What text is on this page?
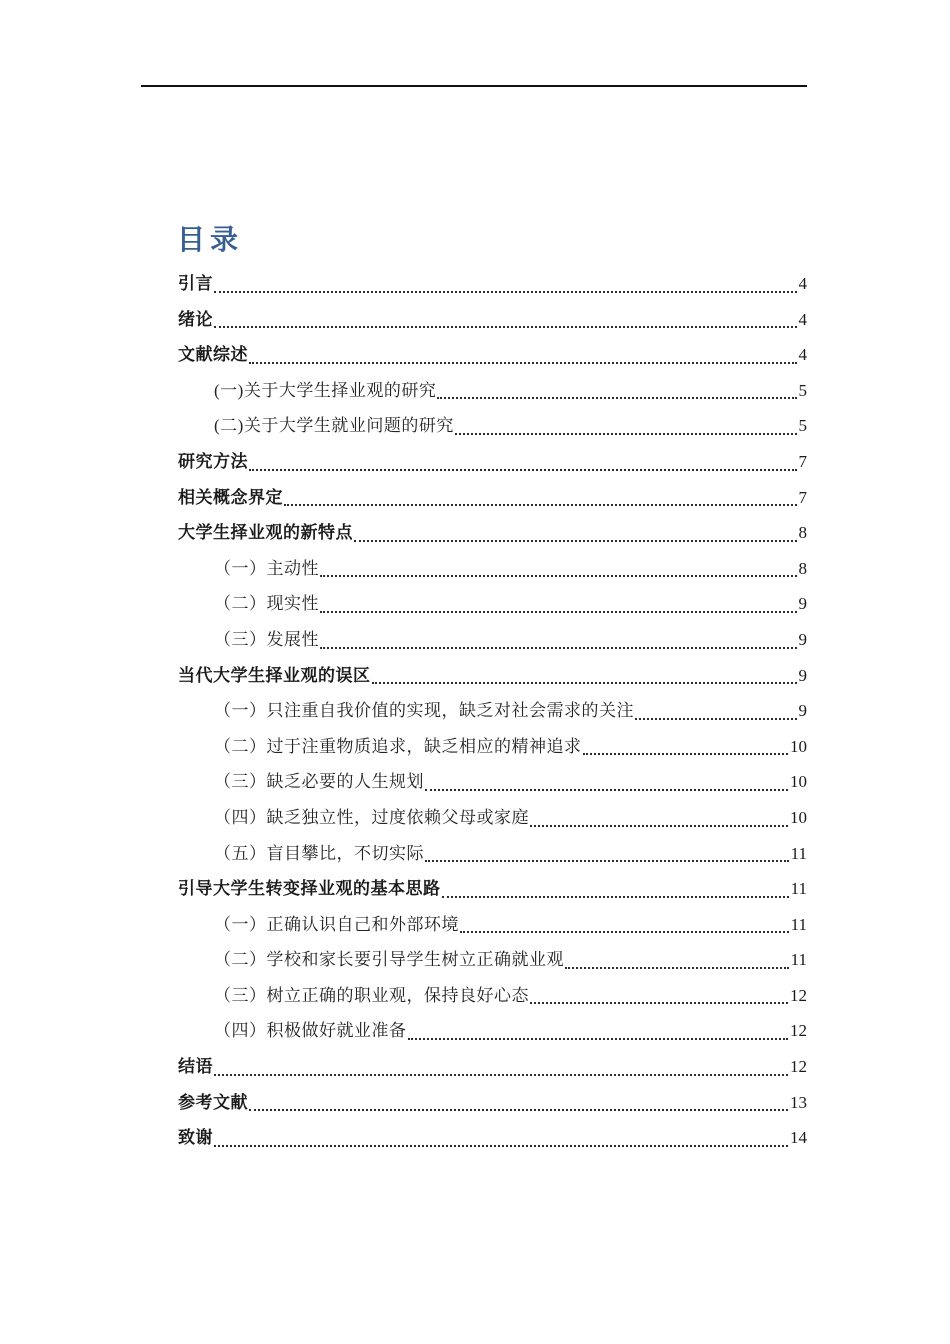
目录
引言	4
绪论	4
文献综述	4
(一)关于大学生择业观的研究	5
(二)关于大学生就业问题的研究	5
研究方法	7
相关概念界定	7
大学生择业观的新特点	8
（一）主动性	8
（二）现实性	9
（三）发展性	9
当代大学生择业观的误区	9
（一）只注重自我价值的实现，缺乏对社会需求的关注	9
（二）过于注重物质追求，缺乏相应的精神追求	10
（三）缺乏必要的人生规划	10
（四）缺乏独立性，过度依赖父母或家庭	10
（五）盲目攀比，不切实际	11
引导大学生转变择业观的基本思路	11
（一）正确认识自己和外部环境	11
（二）学校和家长要引导学生树立正确就业观	11
（三）树立正确的职业观，保持良好心态	12
（四）积极做好就业准备	12
结语	12
参考文献	13
致谢	14
